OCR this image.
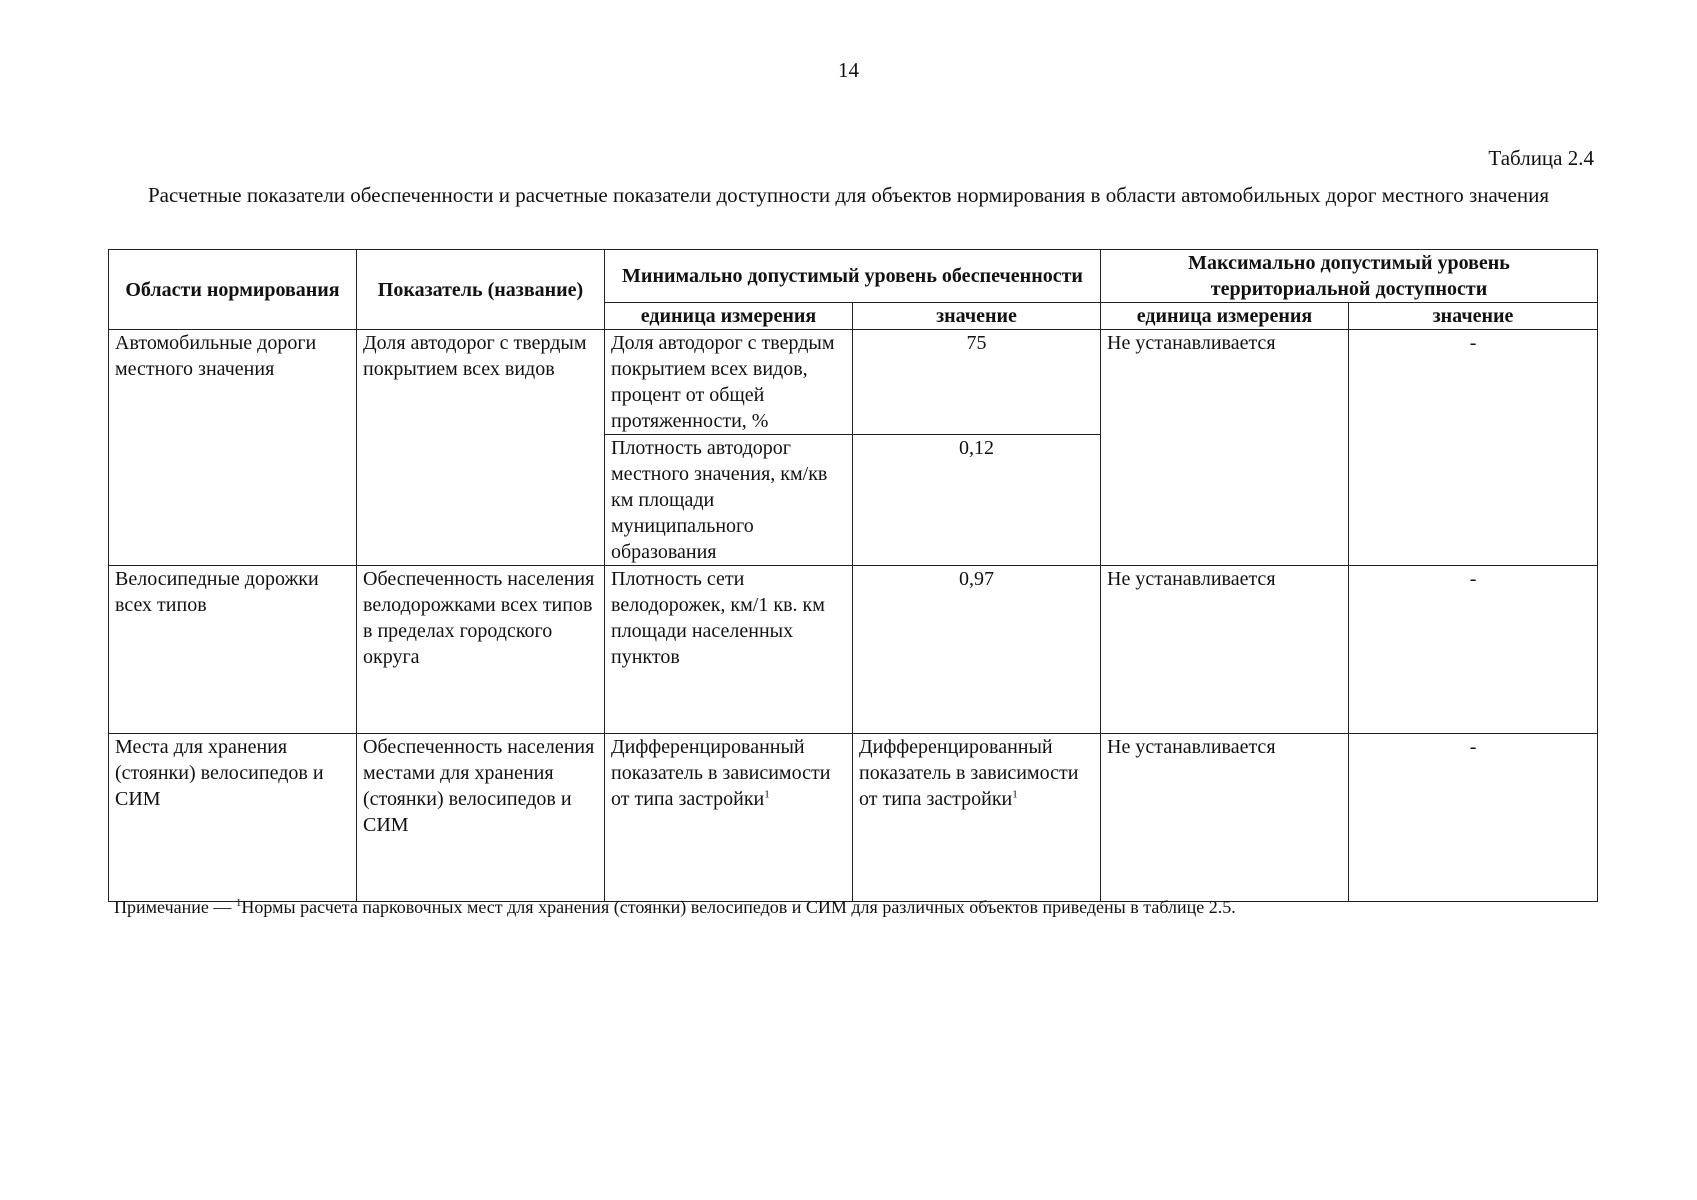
14
Таблица 2.4
Расчетные показатели обеспеченности и расчетные показатели доступности для объектов нормирования в области автомобильных дорог местного значения
Области нормирования	Показатель (название)	Минимально допустимый уровень обеспеченности		Максимально допустимый уровень территориальной доступности	
		единица измерения	значение	единица измерения	значение
Автомобильные дороги местного значения	Доля автодорог с твердым покрытием всех видов	Доля автодорог с твердым покрытием всех видов, процент от общей протяженности, %	75	Не устанавливается	-
		Плотность автодорог местного значения, км/кв км площади муниципального образования	0,12		
Велосипедные дорожки всех типов	Обеспеченность населения велодорожками всех типов в пределах городского округа	Плотность сети велодорожек, км/1 кв. км площади населенных пунктов	0,97	Не устанавливается	-
Места для хранения (стоянки) велосипедов и СИМ	Обеспеченность населения местами для хранения (стоянки) велосипедов и СИМ	Дифференцированный показатель в зависимости от типа застройки$^1$	Дифференцированный показатель в зависимости от типа застройки$^1$	Не устанавливается	-
Примечание — $^1$Нормы расчета парковочных мест для хранения (стоянки) велосипедов и СИМ для различных объектов приведены в таблице 2.5.
